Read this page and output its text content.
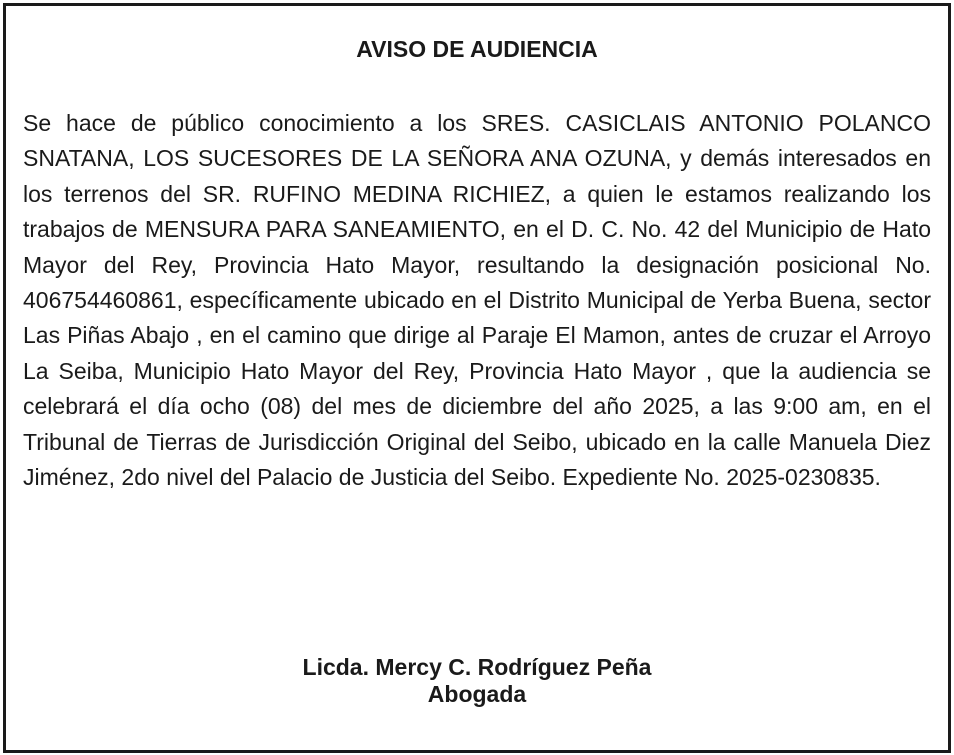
AVISO DE AUDIENCIA

Se hace de público conocimiento a los SRES. CASICLAIS ANTONIO POLANCO SNATANA, LOS SUCESORES DE LA SEÑORA ANA OZUNA, y demás interesados en los terrenos del SR. RUFINO MEDINA RICHIEZ, a quien le estamos realizando los trabajos de MENSURA PARA SANEAMIENTO, en el D. C. No. 42 del Municipio de Hato Mayor del Rey, Provincia Hato Mayor, resultando la designación posicional No. 406754460861, específicamente ubicado en el Distrito Municipal de Yerba Buena, sector Las Piñas Abajo , en el camino que dirige al Paraje El Mamon, antes de cruzar el Arroyo La Seiba, Municipio Hato Mayor del Rey, Provincia Hato Mayor , que la audiencia se celebrará el día ocho (08) del mes de diciembre del año 2025, a las 9:00 am, en el Tribunal de Tierras de Jurisdicción Original del Seibo, ubicado en la calle Manuela Diez Jiménez, 2do nivel del Palacio de Justicia del Seibo. Expediente No. 2025-0230835.

Licda. Mercy C. Rodríguez Peña
Abogada
